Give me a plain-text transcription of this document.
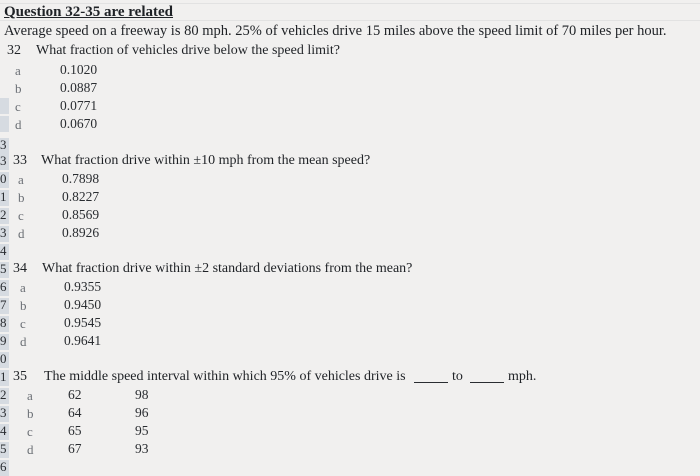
Question 32-35 are related
Average speed on a freeway is 80 mph. 25% of vehicles drive 15 miles above the speed limit of 70 miles per hour.
32 What fraction of vehicles drive below the speed limit?
a	0.1020
b	0.0887
c	0.0771
d	0.0670
3
3 33 What fraction drive within ±10 mph from the mean speed?
0 a	0.7898
1 b	0.8227
2 c	0.8569
3 d	0.8926
4
5 34 What fraction drive within ±2 standard deviations from the mean?
6 a	0.9355
7 b	0.9450
8 c	0.9545
9 d	0.9641
0
1 35 The middle speed interval within which 95% of vehicles drive is	to	mph.
2 a	62	98
3 b	64	96
4 c	65	95
5 d	67	93
6
